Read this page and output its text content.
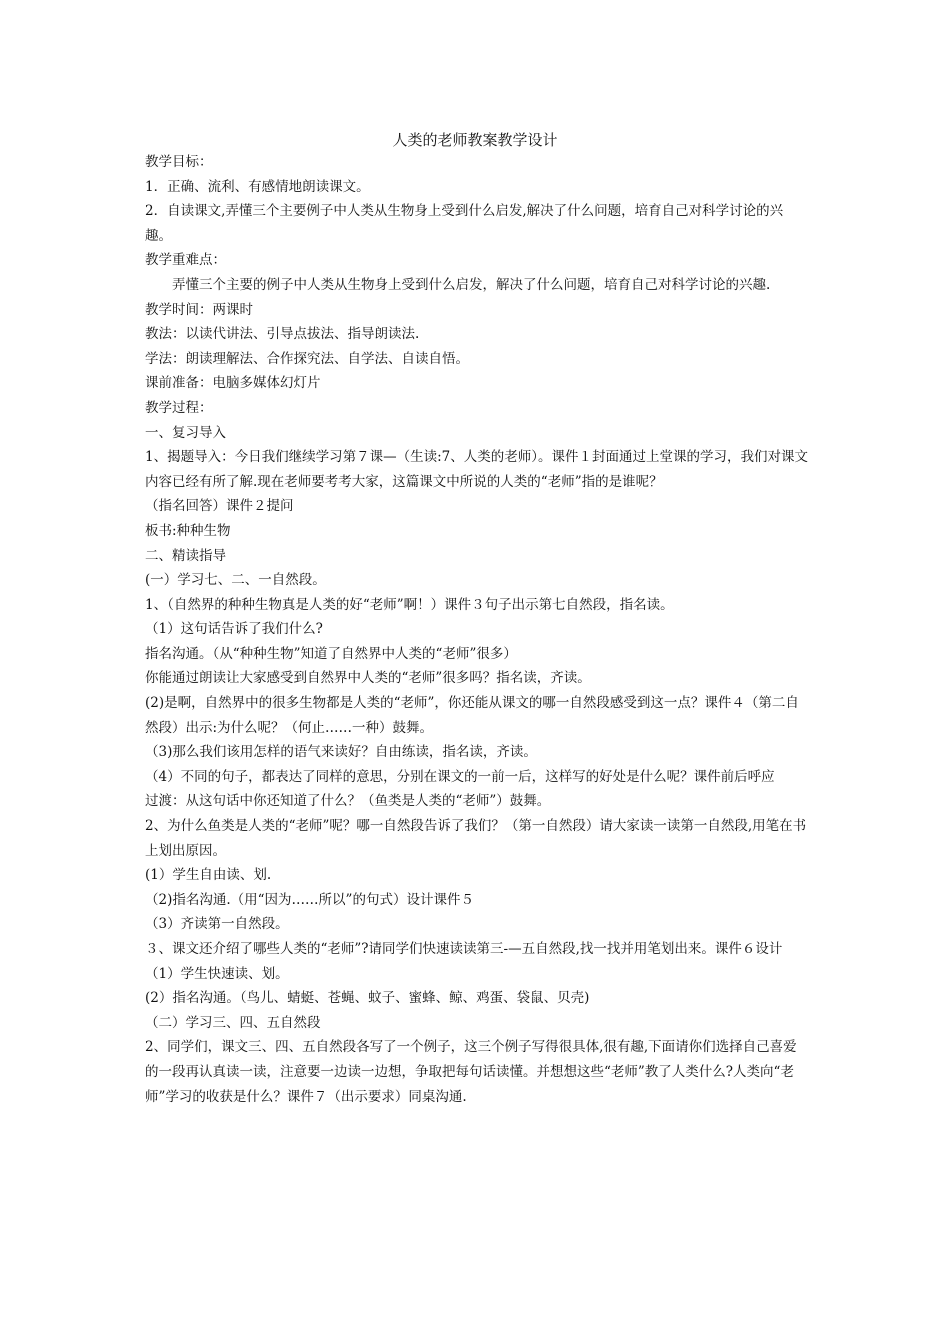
人类的老师教案教学设计

教学目标：

1．正确、流利、有感情地朗读课文。

2．自读课文,弄懂三个主要例子中人类从生物身上受到什么启发,解决了什么问题，培育自己对科学讨论的兴趣。

教学重难点：

弄懂三个主要的例子中人类从生物身上受到什么启发，解决了什么问题，培育自己对科学讨论的兴趣.

教学时间：两课时

教法：以读代讲法、引导点拔法、指导朗读法.

学法：朗读理解法、合作探究法、自学法、自读自悟。

课前准备：电脑多媒体幻灯片

教学过程：

一、复习导入

1、揭题导入：今日我们继续学习第７课—（生读:7、人类的老师）。课件１封面通过上堂课的学习，我们对课文内容已经有所了解.现在老师要考考大家，这篇课文中所说的人类的“老师”指的是谁呢？

（指名回答）课件２提问

板书:种种生物

二、精读指导

(一）学习七、二、一自然段。

1、（自然界的种种生物真是人类的好“老师”啊！）课件３句子出示第七自然段，指名读。

（1）这句话告诉了我们什么?

指名沟通。（从“种种生物”知道了自然界中人类的“老师”很多）

你能通过朗读让大家感受到自然界中人类的“老师”很多吗？指名读，齐读。

(2)是啊，自然界中的很多生物都是人类的“老师”，你还能从课文的哪一自然段感受到这一点？课件４（第二自然段）出示:为什么呢？（何止……一种）鼓舞。

（3)那么我们该用怎样的语气来读好？自由练读，指名读，齐读。

（4）不同的句子，都表达了同样的意思，分别在课文的一前一后，这样写的好处是什么呢？课件前后呼应

过渡：从这句话中你还知道了什么？（鱼类是人类的“老师”）鼓舞。

2、为什么鱼类是人类的“老师”呢？哪一自然段告诉了我们？（第一自然段）请大家读一读第一自然段,用笔在书上划出原因。

(1）学生自由读、划.

（2)指名沟通.（用“因为……所以”的句式）设计课件５

（3）齐读第一自然段。

３、课文还介绍了哪些人类的“老师”?请同学们快速读读第三-—五自然段,找一找并用笔划出来。课件６设计

（1）学生快速读、划。

(2）指名沟通。（鸟儿、蜻蜓、苍蝇、蚊子、蜜蜂、鲸、鸡蛋、袋鼠、贝壳)

（二）学习三、四、五自然段

2、同学们，课文三、四、五自然段各写了一个例子，这三个例子写得很具体,很有趣,下面请你们选择自己喜爱的一段再认真读一读，注意要一边读一边想，争取把每句话读懂。并想想这些“老师”教了人类什么?人类向“老师”学习的收获是什么？课件７（出示要求）同桌沟通.
